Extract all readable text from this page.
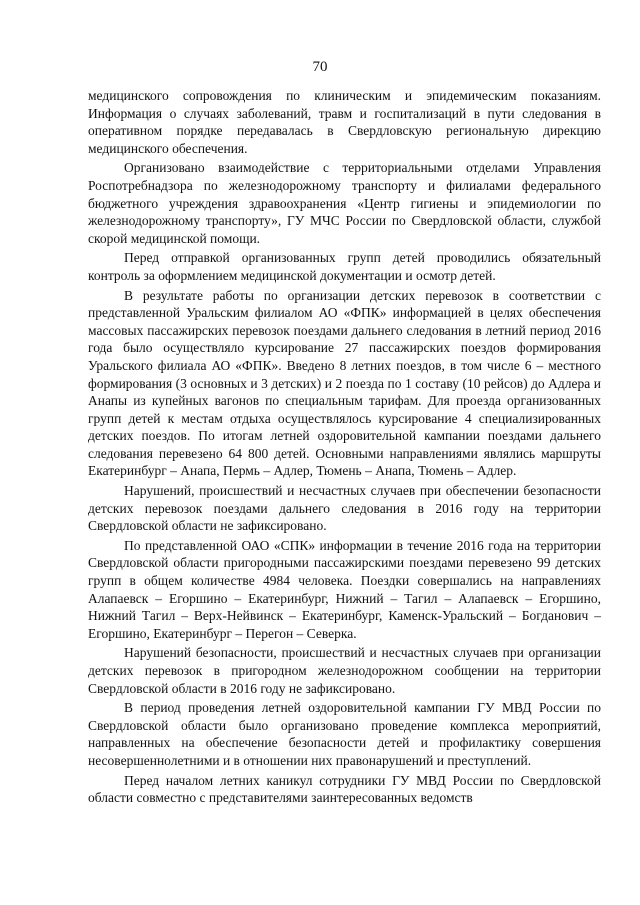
70

медицинского сопровождения по клиническим и эпидемическим показаниям. Информация о случаях заболеваний, травм и госпитализаций в пути следования в оперативном порядке передавалась в Свердловскую региональную дирекцию медицинского обеспечения.

Организовано взаимодействие с территориальными отделами Управления Роспотребнадзора по железнодорожному транспорту и филиалами федерального бюджетного учреждения здравоохранения «Центр гигиены и эпидемиологии по железнодорожному транспорту», ГУ МЧС России по Свердловской области, службой скорой медицинской помощи.

Перед отправкой организованных групп детей проводились обязательный контроль за оформлением медицинской документации и осмотр детей.

В результате работы по организации детских перевозок в соответствии с представленной Уральским филиалом АО «ФПК» информацией в целях обеспечения массовых пассажирских перевозок поездами дальнего следования в летний период 2016 года было осуществляло курсирование 27 пассажирских поездов формирования Уральского филиала АО «ФПК». Введено 8 летних поездов, в том числе 6 – местного формирования (3 основных и 3 детских) и 2 поезда по 1 составу (10 рейсов) до Адлера и Анапы из купейных вагонов по специальным тарифам. Для проезда организованных групп детей к местам отдыха осуществлялось курсирование 4 специализированных детских поездов. По итогам летней оздоровительной кампании поездами дальнего следования перевезено 64 800 детей. Основными направлениями являлись маршруты Екатеринбург – Анапа, Пермь – Адлер, Тюмень – Анапа, Тюмень – Адлер.

Нарушений, происшествий и несчастных случаев при обеспечении безопасности детских перевозок поездами дальнего следования в 2016 году на территории Свердловской области не зафиксировано.

По представленной ОАО «СПК» информации в течение 2016 года на территории Свердловской области пригородными пассажирскими поездами перевезено 99 детских групп в общем количестве 4984 человека. Поездки совершались на направлениях Алапаевск – Егоршино – Екатеринбург, Нижний – Тагил – Алапаевск – Егоршино, Нижний Тагил – Верх-Нейвинск – Екатеринбург, Каменск-Уральский – Богданович – Егоршино, Екатеринбург – Перегон – Северка.

Нарушений безопасности, происшествий и несчастных случаев при организации детских перевозок в пригородном железнодорожном сообщении на территории Свердловской области в 2016 году не зафиксировано.

В период проведения летней оздоровительной кампании ГУ МВД России по Свердловской области было организовано проведение комплекса мероприятий, направленных на обеспечение безопасности детей и профилактику совершения несовершеннолетними и в отношении них правонарушений и преступлений.

Перед началом летних каникул сотрудники ГУ МВД России по Свердловской области совместно с представителями заинтересованных ведомств
